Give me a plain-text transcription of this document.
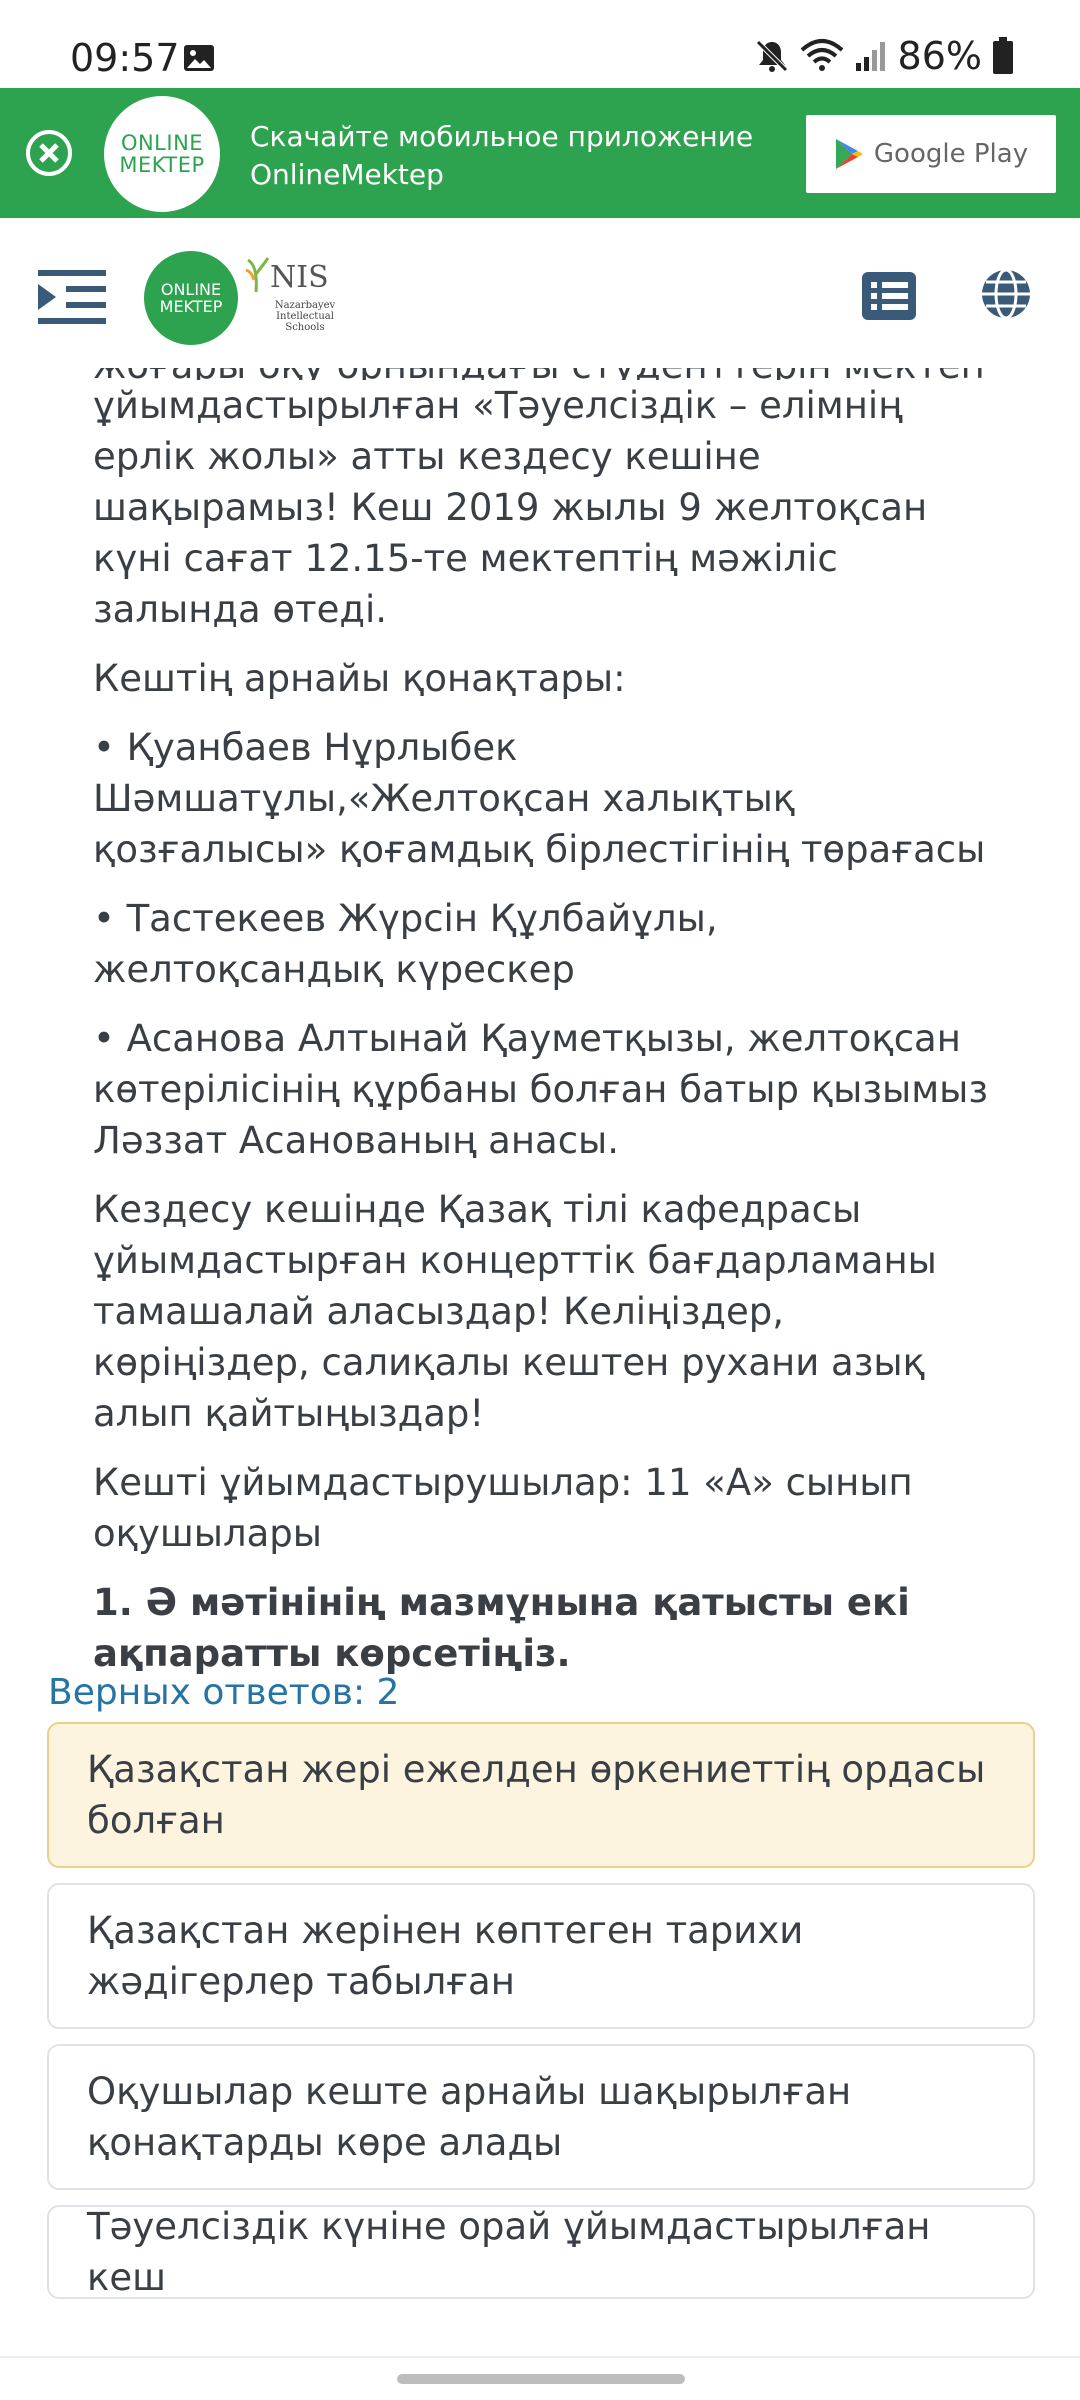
09:57	86%
ONLINE
MEKTEP
Скачайте мобильное приложение
OnlineMektep
Google Play
ONLINE
MEKTEP
NIS
Nazarbayev Intellectual Schools

ұйымдастырылған «Тәуелсіздік – елімнің ерлік жолы» атты кездесу кешіне шақырамыз! Кеш 2019 жылы 9 желтоқсан күні сағат 12.15-те мектептің мәжіліс залында өтеді.

Кештің арнайы қонақтары:

• Қуанбаев Нұрлыбек Шәмшатұлы,«Желтоқсан халықтық қозғалысы» қоғамдық бірлестігінің төрағасы

• Тастекеев Жүрсін Құлбайұлы, желтоқсандық күрескер

• Асанова Алтынай Қауметқызы, желтоқсан көтерілісінің құрбаны болған батыр қызымыз Ләззат Асанованың анасы.

Кездесу кешінде Қазақ тілі кафедрасы ұйымдастырған концерттік бағдарламаны тамашалай аласыздар! Келіңіздер, көріңіздер, салиқалы кештен рухани азық алып қайтыңыздар!

Кешті ұйымдастырушылар: 11 «А» сынып оқушылары

1. Ә мәтінінің мазмұнына қатысты екі ақпаратты көрсетіңіз.

Верных ответов: 2
Қазақстан жері ежелден өркениеттің ордасы болған
Қазақстан жерінен көптеген тарихи жәдігерлер табылған
Оқушылар кеште арнайы шақырылған қонақтарды көре алады
Тәуелсіздік күніне орай ұйымдастырылған кеш
